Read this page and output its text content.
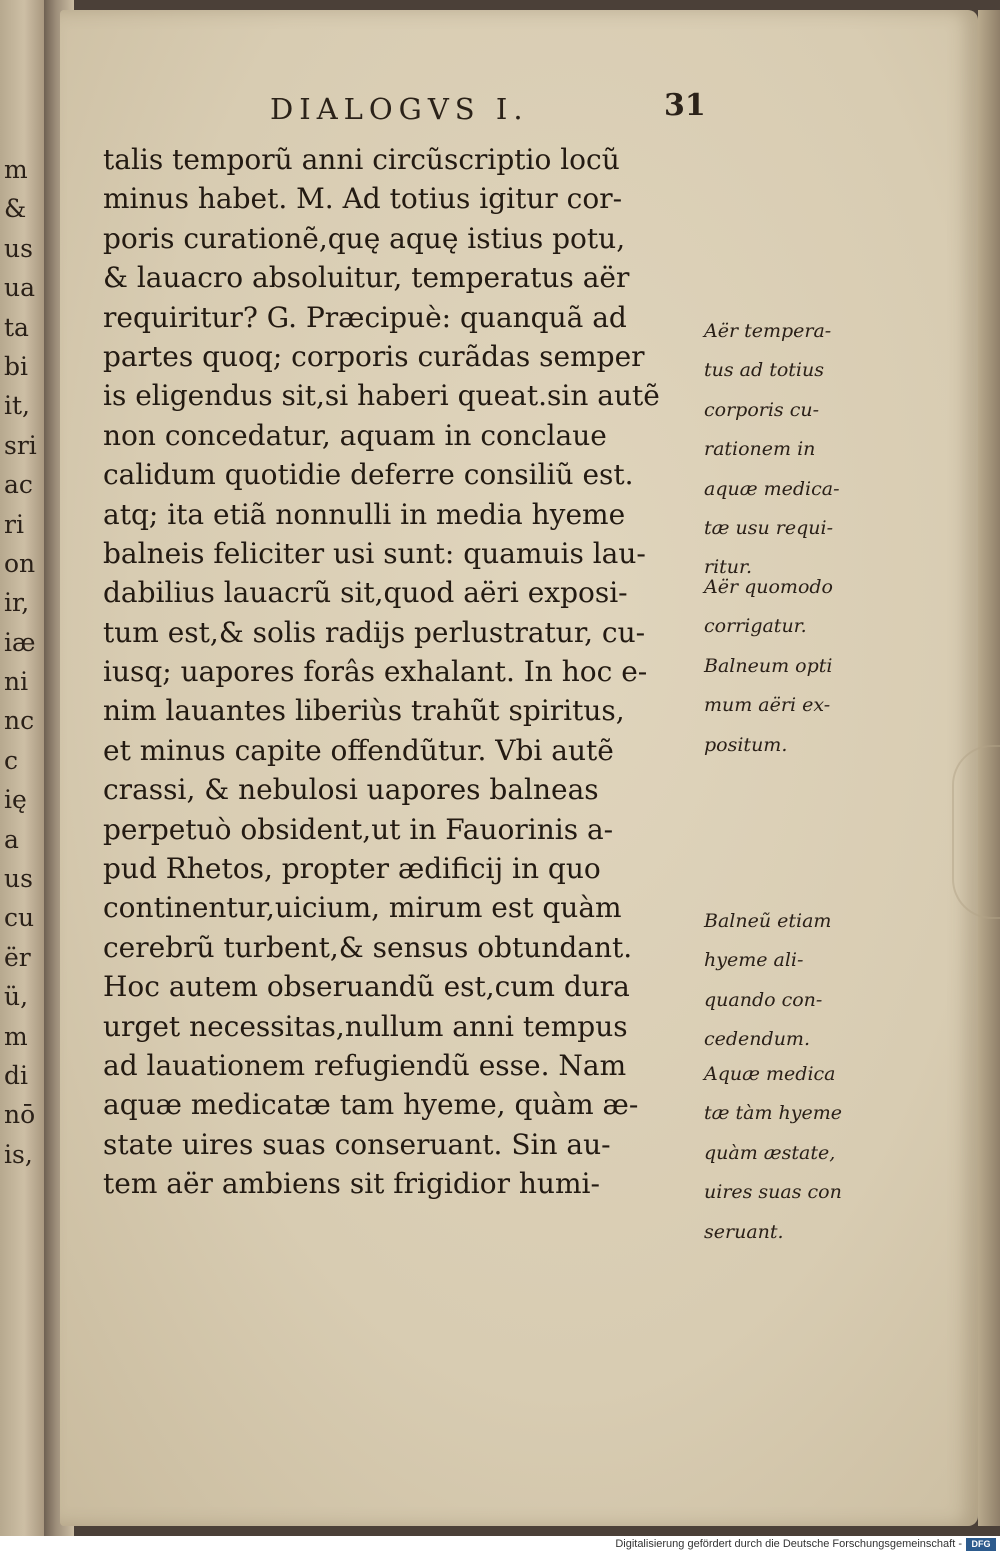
m
&
us
ua
ta
bi
it,
sri
ac
ri
on
ir,
iæ
ni
nc
c
ię
a
us
cu
ër
ü,
m
di
nō
is,
DIALOGVS I.	31
talis temporũ anni circũscriptio locũ
minus habet. M. Ad totius igitur cor-
poris curationẽ,quę aquę istius potu,
& lauacro absoluitur, temperatus aër
requiritur? G. Præcipuè: quanquã ad
partes quoq; corporis curãdas semper
is eligendus sit,si haberi queat.sin autẽ
non concedatur, aquam in conclaue
calidum quotidie deferre consiliũ est.
atq; ita etiã nonnulli in media hyeme
balneis feliciter usi sunt: quamuis lau-
dabilius lauacrũ sit,quod aëri exposi-
tum est,& solis radijs perlustratur, cu-
iusq; uapores forâs exhalant. In hoc e-
nim lauantes liberiùs trahũt spiritus,
et minus capite offendũtur. Vbi autẽ
crassi, & nebulosi uapores balneas
perpetuò obsident,ut in Fauorinis a-
pud Rhetos, propter ædificij in quo
continentur,uicium, mirum est quàm
cerebrũ turbent,& sensus obtundant.
Hoc autem obseruandũ est,cum dura
urget necessitas,nullum anni tempus
ad lauationem refugiendũ esse. Nam
aquæ medicatæ tam hyeme, quàm æ-
state uires suas conseruant. Sin au-
tem aër ambiens sit frigidior humi-
Aër tempera-
tus ad totius
corporis cu-
rationem in
aquæ medica-
tæ usu requi-
ritur.
Aër quomodo
corrigatur.
Balneum opti
mum aëri ex-
positum.
Balneũ etiam
hyeme ali-
quando con-
cedendum.
Aquæ medica
tæ tàm hyeme
quàm æstate,
uires suas con
seruant.
Digitalisierung gefördert durch die Deutsche Forschungsgemeinschaft -	DFG
